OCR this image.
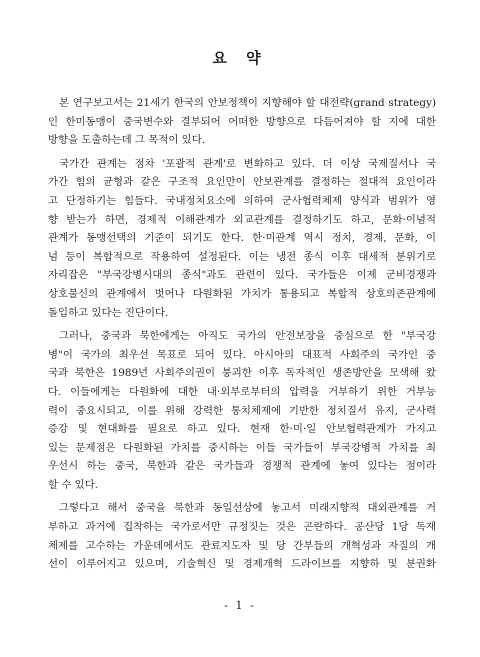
요 약

본 연구보고서는 21세기 한국의 안보정책이 지향해야 할 대전략(grand strategy)
인 한미동맹이 중국변수와 결부되어 어떠한 방향으로 다듬어져야 할 지에 대한
방향을 도출하는데 그 목적이 있다.

국가간 관계는 점차 '포괄적 관계'로 변화하고 있다. 더 이상 국제질서나 국
가간 힘의 균형과 같은 구조적 요인만이 안보관계를 결정하는 절대적 요인이라
고 단정하기는 힘들다. 국내정치요소에 의하여 군사협력체제 양식과 범위가 영
향 받는가 하면, 경제적 이해관계가 외교관계를 결정하기도 하고, 문화·이념적
관계가 동맹선택의 기준이 되기도 한다. 한·미관계 역시 정치, 경제, 문화, 이
념 등이 복합적으로 작용하여 설정된다. 이는 냉전 종식 이후 대세적 분위기로
자리잡은 "부국강병시대의 종식"과도 관련이 있다. 국가들은 이제 군비경쟁과
상호불신의 관계에서 벗어나 다원화된 가치가 통용되고 복합적 상호의존관계에
돌입하고 있다는 진단이다.

그러나, 중국과 북한에게는 아직도 국가의 안전보장을 중심으로 한 "부국강
병"이 국가의 최우선 목표로 되어 있다. 아시아의 대표적 사회주의 국가인 중
국과 북한은 1989년 사회주의권이 붕괴한 이후 독자적인 생존방안을 모색해 왔
다. 이들에게는 다원화에 대한 내·외부로부터의 압력을 거부하기 위한 거부능
력이 중요시되고, 이를 위해 강력한 통치체제에 기반한 정치질서 유지, 군사력
증강 및 현대화를 필요로 하고 있다. 현재 한·미·일 안보협력관계가 가지고
있는 문제점은 다원화된 가치를 중시하는 이들 국가들이 부국강병적 가치를 최
우선시 하는 중국, 북한과 같은 국가들과 경쟁적 관계에 놓여 있다는 점이라
할 수 있다.

그렇다고 해서 중국을 북한과 동일선상에 놓고서 미래지향적 대외관계를 거
부하고 과거에 집착하는 국가로서만 규정짓는 것은 곤란하다. 공산당 1당 독재
체제를 고수하는 가운데에서도 관료지도자 및 당 간부들의 개혁성과 자질의 개
선이 이루어지고 있으며, 기술혁신 및 경제개혁 드라이브를 지향하 및 분권화

- 1 -
